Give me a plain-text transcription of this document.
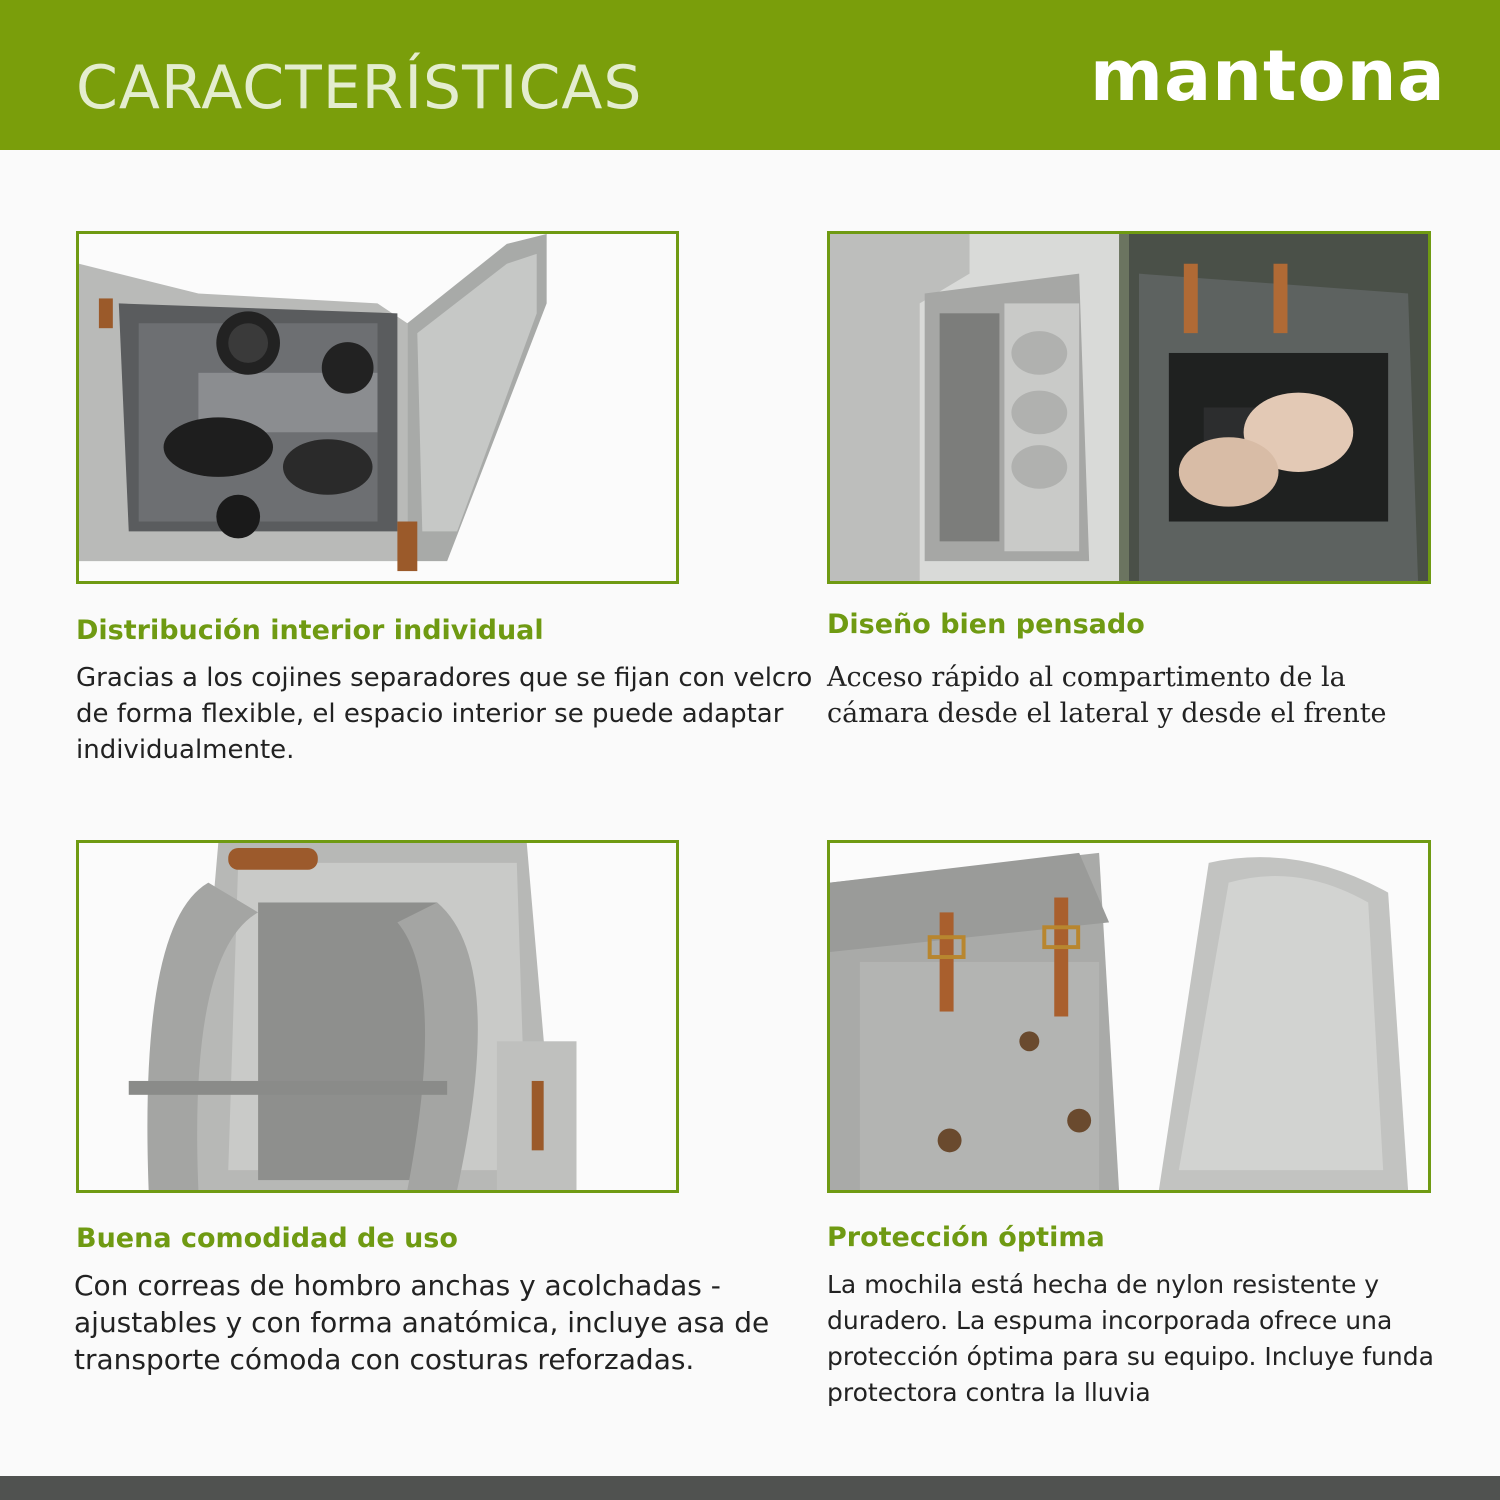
CARACTERÍSTICAS	mantona
Distribución interior individual

Gracias a los cojines separadores que se fijan con velcro de forma flexible, el espacio interior se puede adaptar individualmente.

Diseño bien pensado

Acceso rápido al compartimento de la cámara desde el lateral y desde el frente

Buena comodidad de uso

Con correas de hombro anchas y acolchadas - ajustables y con forma anatómica, incluye asa de transporte cómoda con costuras reforzadas.

Protección óptima

La mochila está hecha de nylon resistente y duradero. La espuma incorporada ofrece una protección óptima para su equipo. Incluye funda protectora contra la lluvia
